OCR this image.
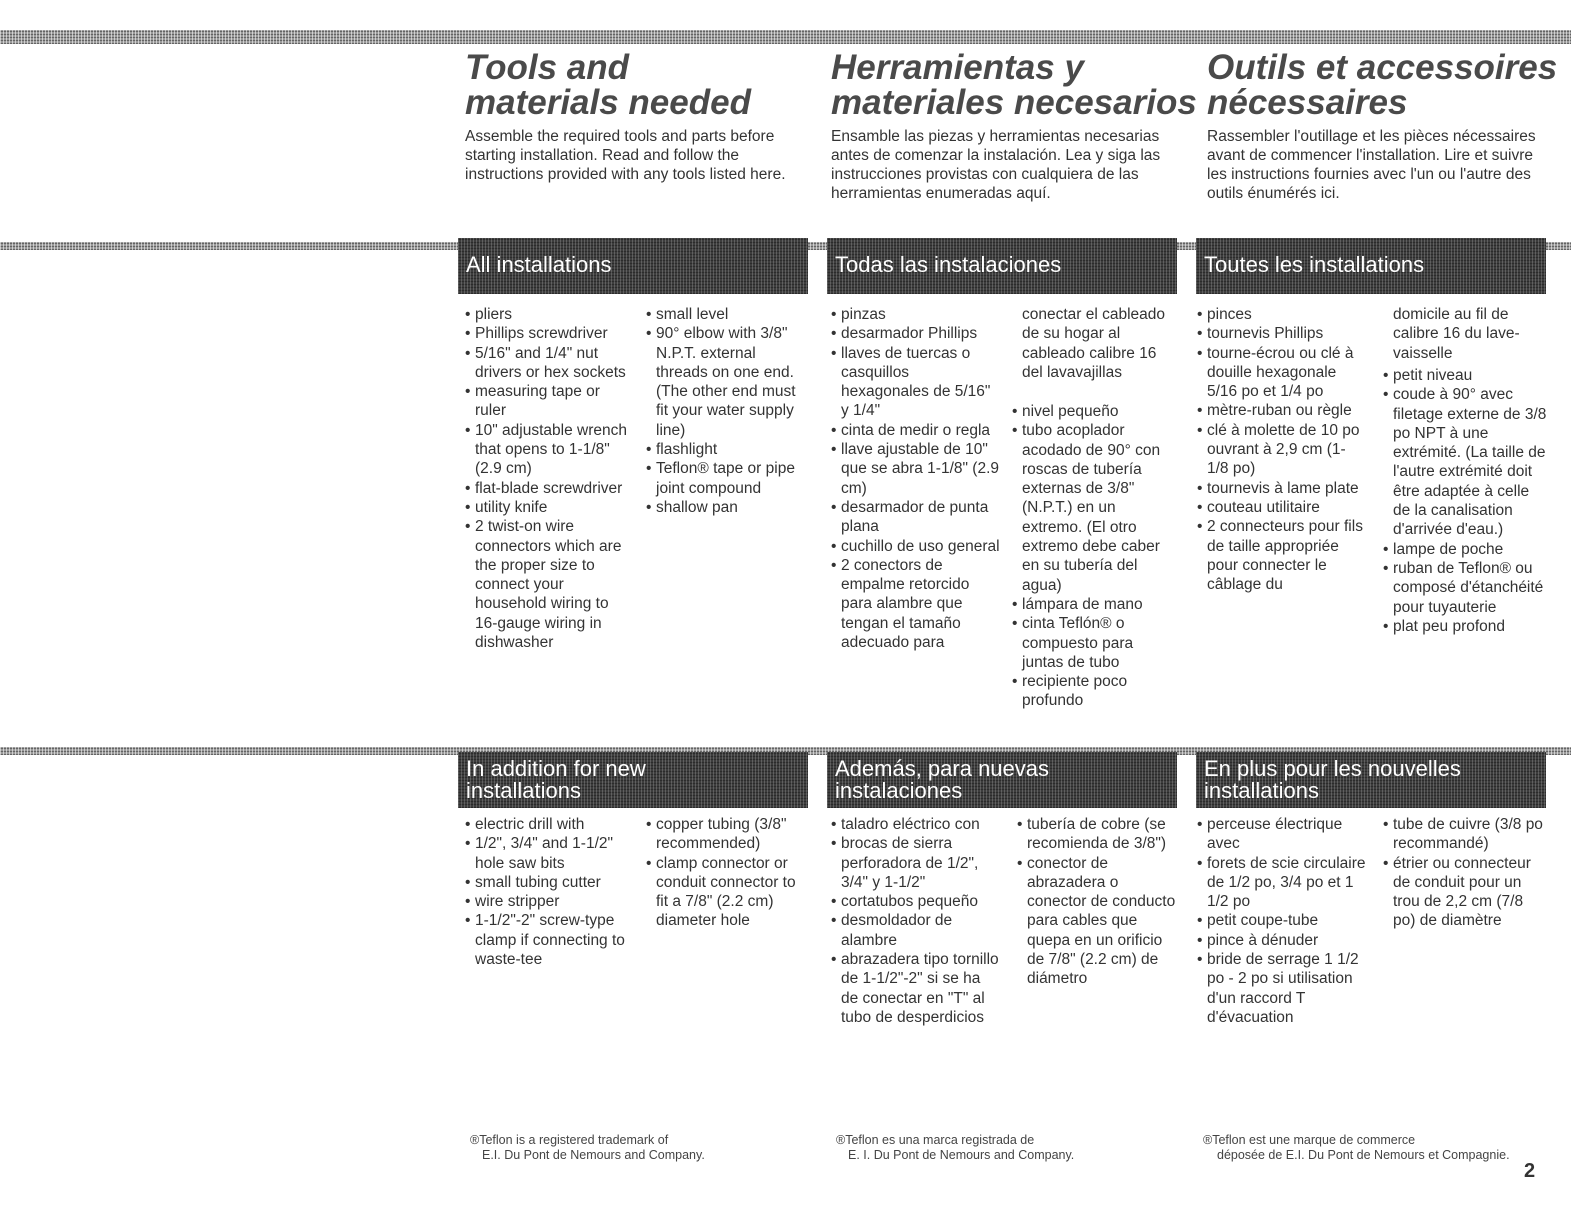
Tools and
materials needed
Assemble the required tools and parts before starting installation. Read and follow the instructions provided with any tools listed here.
All installations
• pliers
• Phillips screwdriver
• 5/16" and 1/4" nut drivers or hex sockets
• measuring tape or ruler
• 10" adjustable wrench that opens to 1-1/8" (2.9 cm)
• flat-blade screwdriver
• utility knife
• 2 twist-on wire connectors which are the proper size to connect your household wiring to 16-gauge wiring in dishwasher
• small level
• 90° elbow with 3/8" N.P.T. external threads on one end. (The other end must fit your water supply line)
• flashlight
• Teflon® tape or pipe joint compound
• shallow pan
In addition for new
installations
• electric drill with
• 1/2", 3/4" and 1-1/2" hole saw bits
• small tubing cutter
• wire stripper
• 1-1/2"-2" screw-type clamp if connecting to waste-tee
• copper tubing (3/8" recommended)
• clamp connector or conduit connector to fit a 7/8" (2.2 cm) diameter hole
®Teflon is a registered trademark of
E.I. Du Pont de Nemours and Company.
Herramientas y
materiales necesarios
Ensamble las piezas y herramientas necesarias antes de comenzar la instalación. Lea y siga las instrucciones provistas con cualquiera de las herramientas enumeradas aquí.
Todas las instalaciones
• pinzas
• desarmador Phillips
• llaves de tuercas o casquillos hexagonales de 5/16" y 1/4"
• cinta de medir o regla
• llave ajustable de 10" que se abra 1-1/8" (2.9 cm)
• desarmador de punta plana
• cuchillo de uso general
• 2 conectors de empalme retorcido para alambre que tengan el tamaño adecuado para
conectar el cableado de su hogar al cableado calibre 16 del lavavajillas
• nivel pequeño
• tubo acoplador acodado de 90° con roscas de tubería externas de 3/8" (N.P.T.) en un extremo. (El otro extremo debe caber en su tubería del agua)
• lámpara de mano
• cinta Teflón® o compuesto para juntas de tubo
• recipiente poco profundo
Además, para nuevas
instalaciones
• taladro eléctrico con
• brocas de sierra perforadora de 1/2", 3/4" y 1-1/2"
• cortatubos pequeño
• desmoldador de alambre
• abrazadera tipo tornillo de 1-1/2"-2" si se ha de conectar en "T" al tubo de desperdicios
• tubería de cobre (se recomienda de 3/8")
• conector de abrazadera o conector de conducto para cables que quepa en un orificio de 7/8" (2.2 cm) de diámetro
®Teflon es una marca registrada de
E. I. Du Pont de Nemours and Company.
Outils et accessoires
nécessaires
Rassembler l'outillage et les pièces nécessaires avant de commencer l'installation. Lire et suivre les instructions fournies avec l'un ou l'autre des outils énumérés ici.
Toutes les installations
• pinces
• tournevis Phillips
• tourne-écrou ou clé à douille hexagonale 5/16 po et 1/4 po
• mètre-ruban ou règle
• clé à molette de 10 po ouvrant à 2,9 cm (1-1/8 po)
• tournevis à lame plate
• couteau utilitaire
• 2 connecteurs pour fils de taille appropriée pour connecter le câblage du
domicile au fil de calibre 16 du lave-vaisselle
• petit niveau
• coude à 90° avec filetage externe de 3/8 po NPT à une extrémité. (La taille de l'autre extrémité doit être adaptée à celle de la canalisation d'arrivée d'eau.)
• lampe de poche
• ruban de Teflon® ou composé d'étanchéité pour tuyauterie
• plat peu profond
En plus pour les nouvelles
installations
• perceuse électrique avec
• forets de scie circulaire de 1/2 po, 3/4 po et 1 1/2 po
• petit coupe-tube
• pince à dénuder
• bride de serrage 1 1/2 po - 2 po si utilisation d'un raccord T d'évacuation
• tube de cuivre (3/8 po recommandé)
• étrier ou connecteur de conduit pour un trou de 2,2 cm (7/8 po) de diamètre
®Teflon est une marque de commerce
déposée de E.I. Du Pont de Nemours et Compagnie.
2
